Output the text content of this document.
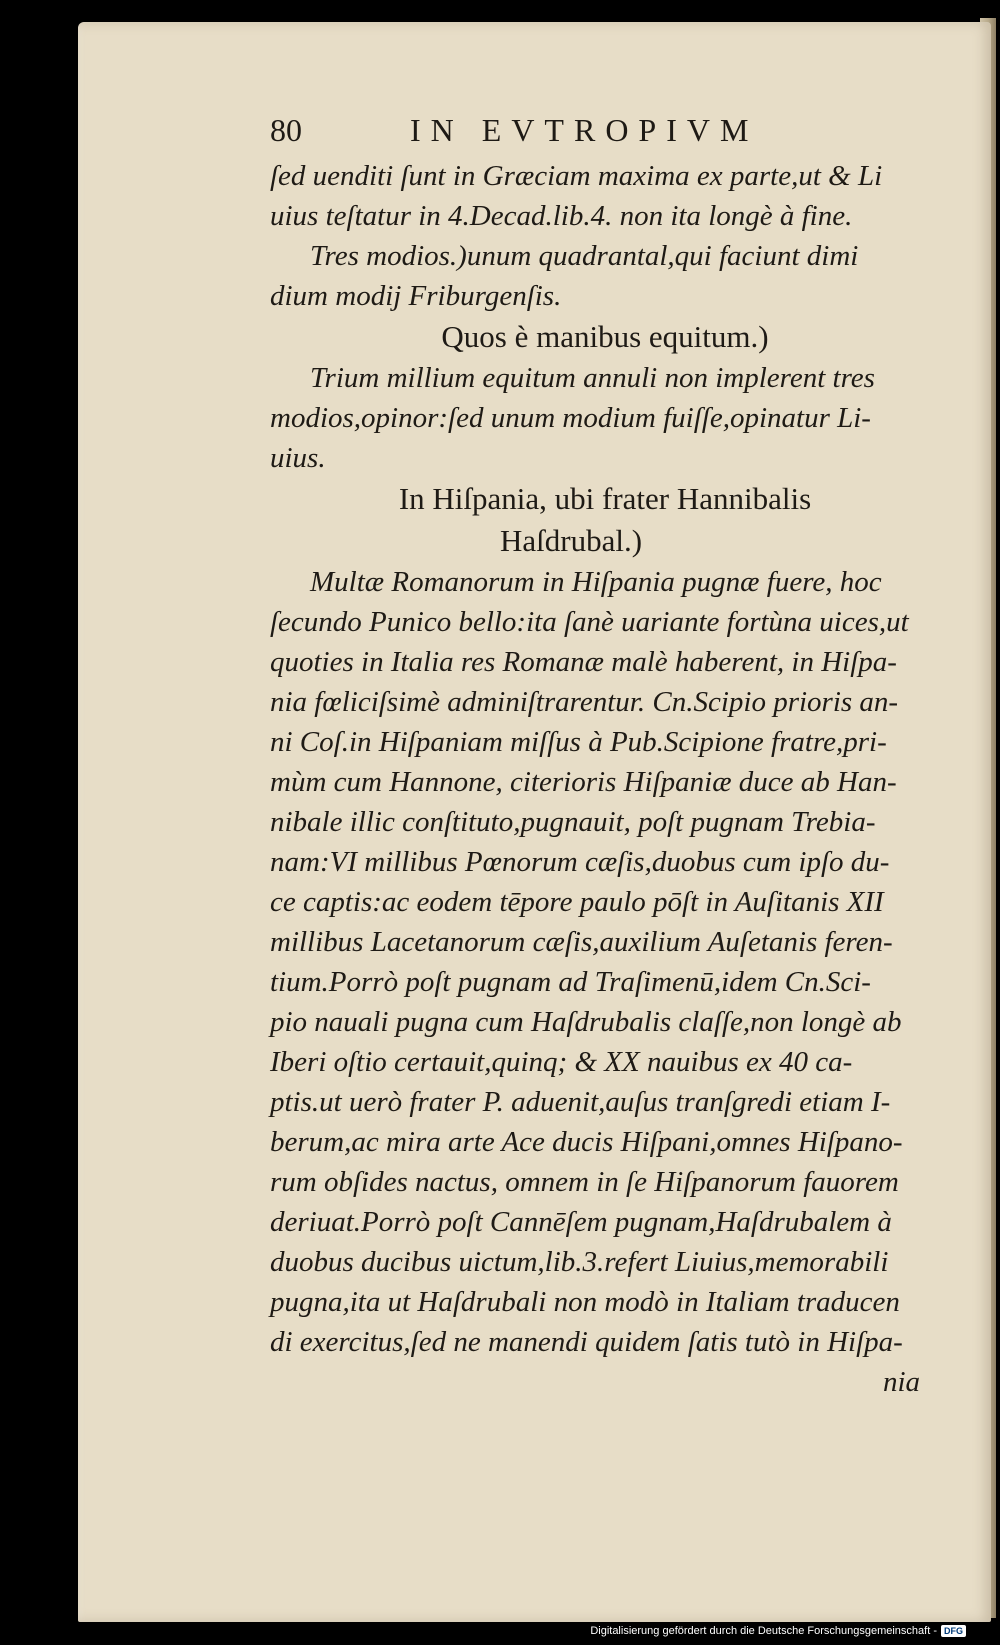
80	IN EVTROPIVM
ſed uenditi ſunt in Græciam maxima ex parte,ut & Li
uius teſtatur in 4.Decad.lib.4. non ita longè à fine.
Tres modios.)unum quadrantal,qui faciunt dimi
dium modij Friburgenſis.
Quos è manibus equitum.)
Trium millium equitum annuli non implerent tres
modios,opinor:ſed unum modium fuiſſe,opinatur Li-
uius.
In Hiſpania, ubi frater Hannibalis
Haſdrubal.)
Multæ Romanorum in Hiſpania pugnæ fuere, hoc
ſecundo Punico bello:ita ſanè uariante fortùna uices,ut
quoties in Italia res Romanæ malè haberent, in Hiſpa-
nia fœliciſsimè adminiſtrarentur. Cn.Scipio prioris an-
ni Coſ.in Hiſpaniam miſſus à Pub.Scipione fratre,pri-
mùm cum Hannone, citerioris Hiſpaniæ duce ab Han-
nibale illic conſtituto,pugnauit, poſt pugnam Trebia-
nam:VI millibus Pœnorum cæſis,duobus cum ipſo du-
ce captis:ac eodem tēpore paulo pōſt in Auſitanis XII
millibus Lacetanorum cæſis,auxilium Auſetanis feren-
tium.Porrò poſt pugnam ad Traſimenū,idem Cn.Sci-
pio nauali pugna cum Haſdrubalis claſſe,non longè ab
Iberi oſtio certauit,quinq; & XX nauibus ex 40 ca-
ptis.ut uerò frater P. aduenit,auſus tranſgredi etiam I-
berum,ac mira arte Ace ducis Hiſpani,omnes Hiſpano-
rum obſides nactus, omnem in ſe Hiſpanorum fauorem
deriuat.Porrò poſt Cannēſem pugnam,Haſdrubalem à
duobus ducibus uictum,lib.3.refert Liuius,memorabili
pugna,ita ut Haſdrubali non modò in Italiam traducen
di exercitus,ſed ne manendi quidem ſatis tutò in Hiſpa-
nia
Digitalisierung gefördert durch die Deutsche Forschungsgemeinschaft - DFG
